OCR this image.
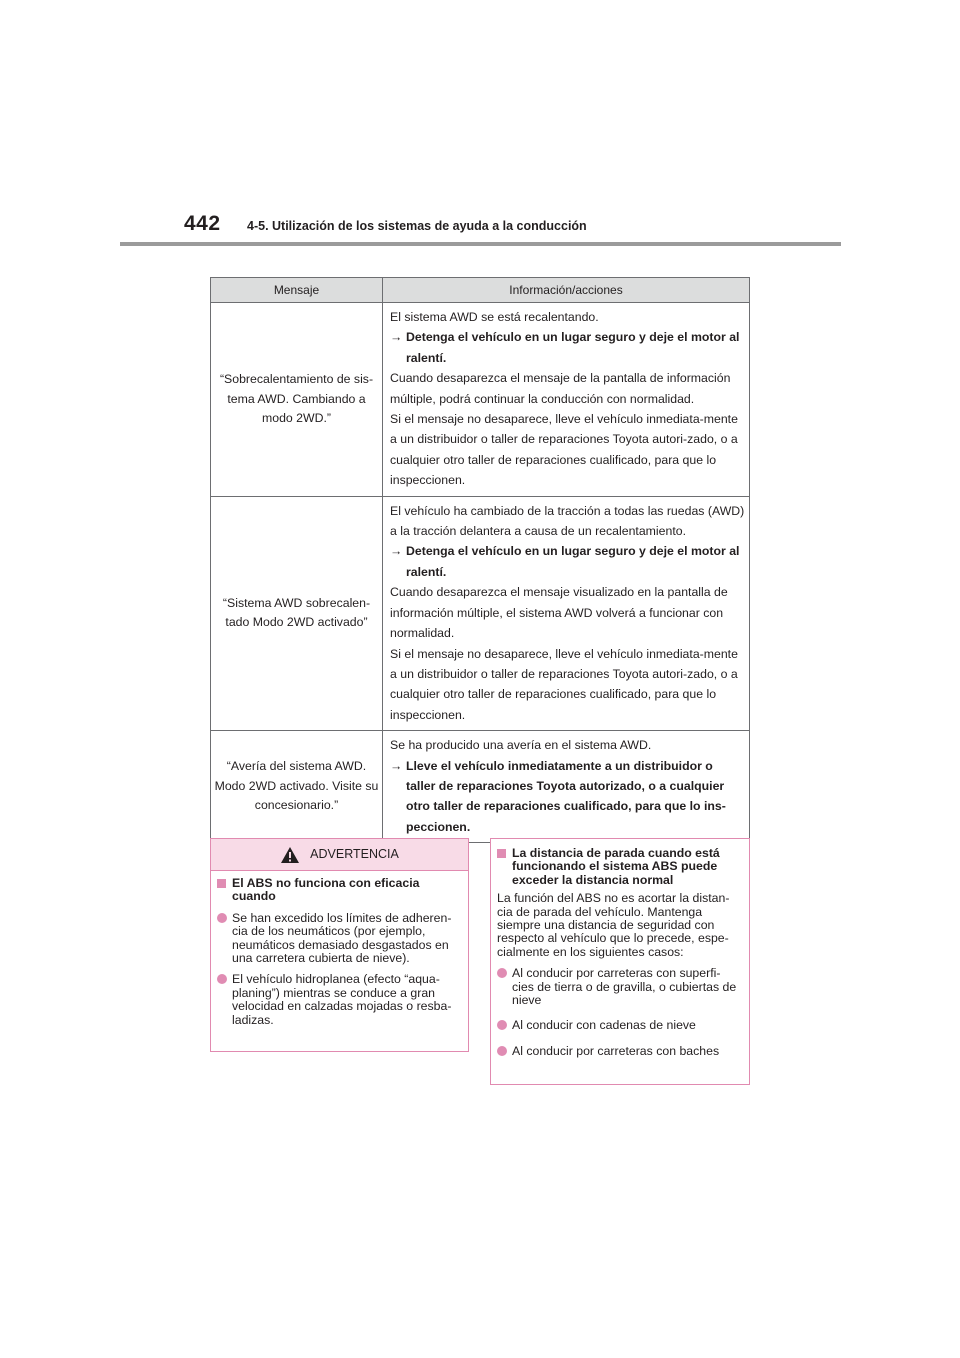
442 4-5. Utilización de los sistemas de ayuda a la conducción
Mensaje	Información/acciones
“Sobrecalentamiento de sis-tema AWD. Cambiando a modo 2WD.”	El sistema AWD se está recalentando.

→ Detenga el vehículo en un lugar seguro y deje el motor al ralentí.

Cuando desaparezca el mensaje de la pantalla de información múltiple, podrá continuar la conducción con normalidad.

Si el mensaje no desaparece, lleve el vehículo inmediata-mente a un distribuidor o taller de reparaciones Toyota autori-zado, o a cualquier otro taller de reparaciones cualificado, para que lo inspeccionen.

“Sistema AWD sobrecalen-tado Modo 2WD activado”	El vehículo ha cambiado de la tracción a todas las ruedas (AWD) a la tracción delantera a causa de un recalentamiento.

→ Detenga el vehículo en un lugar seguro y deje el motor al ralentí.

Cuando desaparezca el mensaje visualizado en la pantalla de información múltiple, el sistema AWD volverá a funcionar con normalidad.

Si el mensaje no desaparece, lleve el vehículo inmediata-mente a un distribuidor o taller de reparaciones Toyota autori-zado, o a cualquier otro taller de reparaciones cualificado, para que lo inspeccionen.

“Avería del sistema AWD. Modo 2WD activado. Visite su concesionario.”	Se ha producido una avería en el sistema AWD.

→ Lleve el vehículo inmediatamente a un distribuidor o taller de reparaciones Toyota autorizado, o a cualquier otro taller de reparaciones cualificado, para que lo ins-peccionen.

ADVERTENCIA
El ABS no funciona con eficacia cuando
Se han excedido los límites de adheren-cia de los neumáticos (por ejemplo, neumáticos demasiado desgastados en una carretera cubierta de nieve).
El vehículo hidroplanea (efecto “aqua-planing”) mientras se conduce a gran velocidad en calzadas mojadas o resba-ladizas.
La distancia de parada cuando está funcionando el sistema ABS puede exceder la distancia normal
La función del ABS no es acortar la distan-cia de parada del vehículo. Mantenga siempre una distancia de seguridad con respecto al vehículo que lo precede, espe-cialmente en los siguientes casos:
Al conducir por carreteras con superfi-cies de tierra o de gravilla, o cubiertas de nieve
Al conducir con cadenas de nieve
Al conducir por carreteras con baches
